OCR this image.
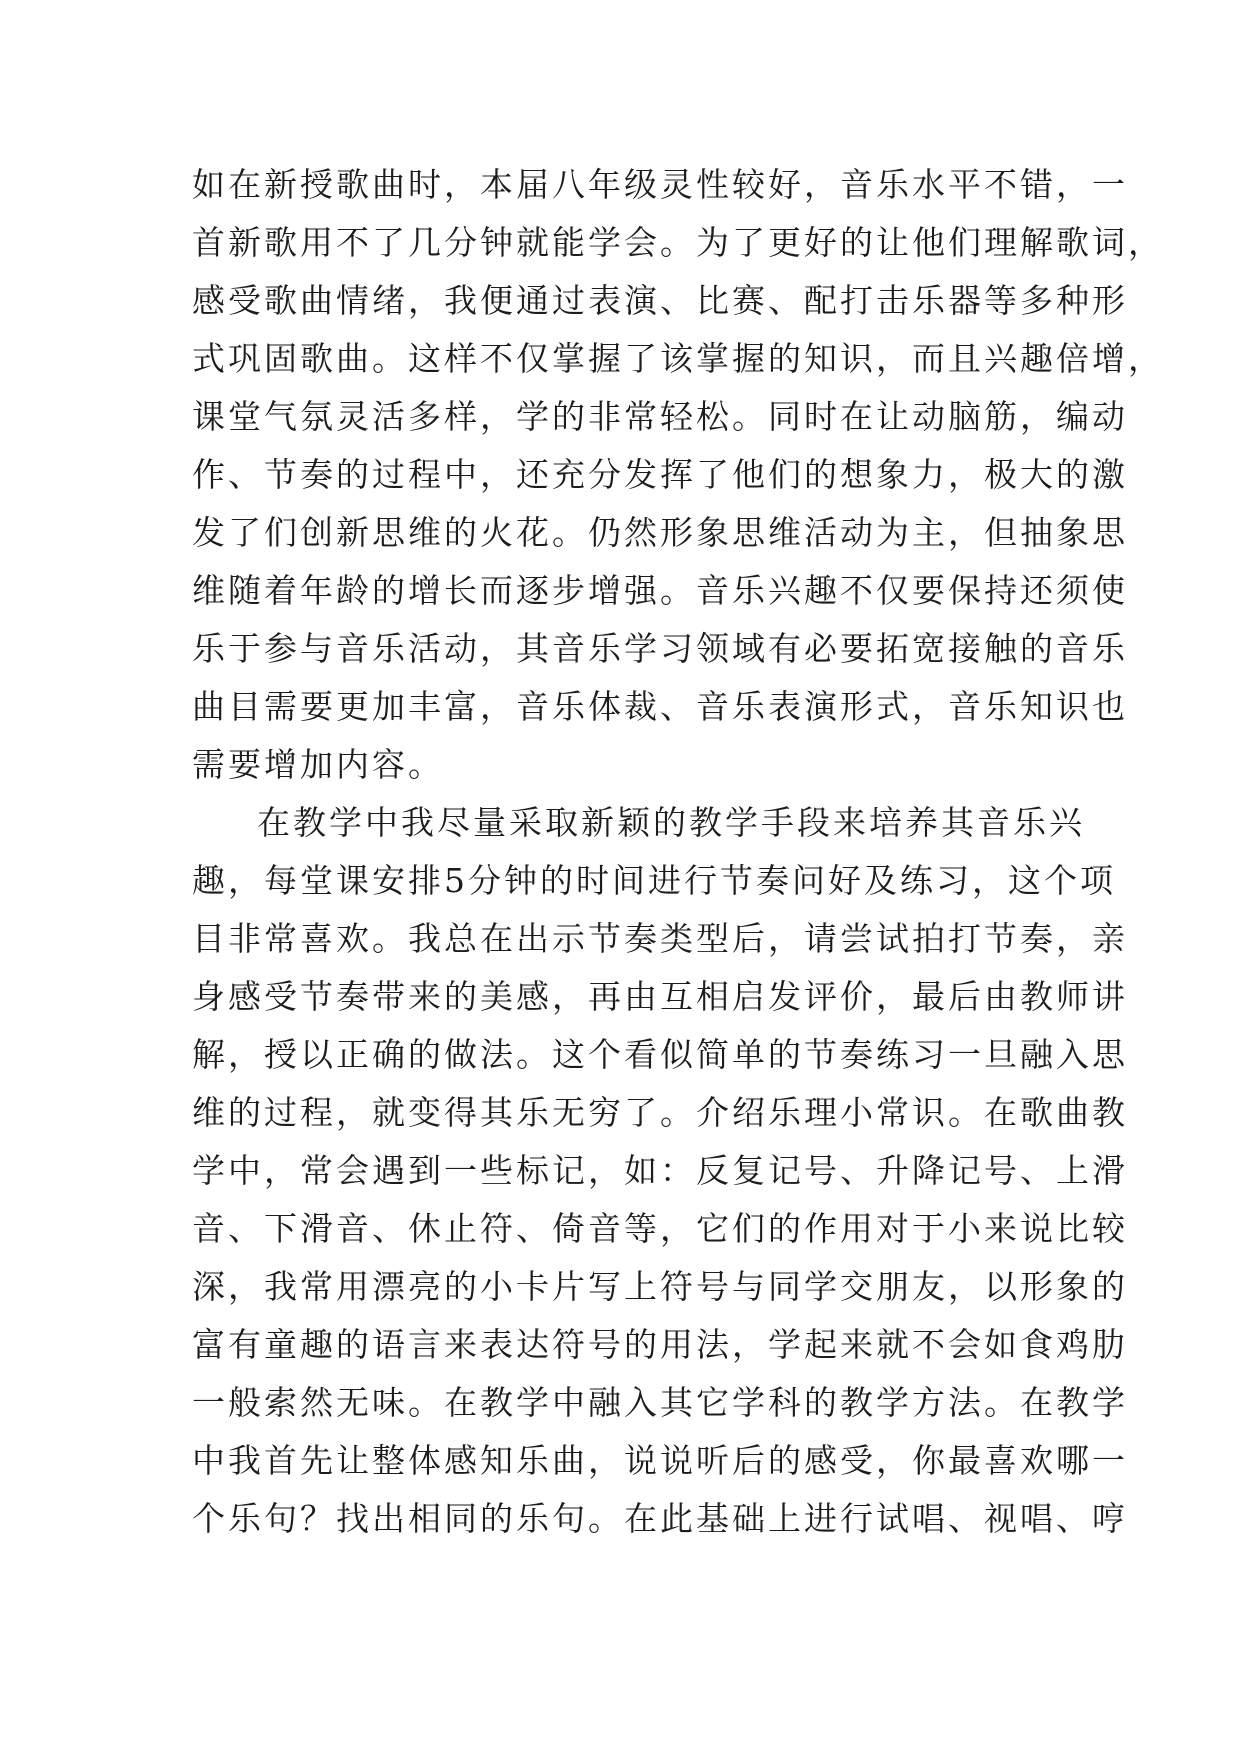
如在新授歌曲时，本届八年级灵性较好，音乐水平不错，一
首新歌用不了几分钟就能学会。为了更好的让他们理解歌词，
感受歌曲情绪，我便通过表演、比赛、配打击乐器等多种形
式巩固歌曲。这样不仅掌握了该掌握的知识，而且兴趣倍增，
课堂气氛灵活多样，学的非常轻松。同时在让动脑筋，编动
作、节奏的过程中，还充分发挥了他们的想象力，极大的激
发了们创新思维的火花。仍然形象思维活动为主，但抽象思
维随着年龄的增长而逐步增强。音乐兴趣不仅要保持还须使
乐于参与音乐活动，其音乐学习领域有必要拓宽接触的音乐
曲目需要更加丰富，音乐体裁、音乐表演形式，音乐知识也
需要增加内容。
在教学中我尽量采取新颖的教学手段来培养其音乐兴
趣，每堂课安排5分钟的时间进行节奏问好及练习，这个项
目非常喜欢。我总在出示节奏类型后，请尝试拍打节奏，亲
身感受节奏带来的美感，再由互相启发评价，最后由教师讲
解，授以正确的做法。这个看似简单的节奏练习一旦融入思
维的过程，就变得其乐无穷了。介绍乐理小常识。在歌曲教
学中，常会遇到一些标记，如：反复记号、升降记号、上滑
音、下滑音、休止符、倚音等，它们的作用对于小来说比较
深，我常用漂亮的小卡片写上符号与同学交朋友，以形象的
富有童趣的语言来表达符号的用法，学起来就不会如食鸡肋
一般索然无味。在教学中融入其它学科的教学方法。在教学
中我首先让整体感知乐曲，说说听后的感受，你最喜欢哪一
个乐句？找出相同的乐句。在此基础上进行试唱、视唱、哼
